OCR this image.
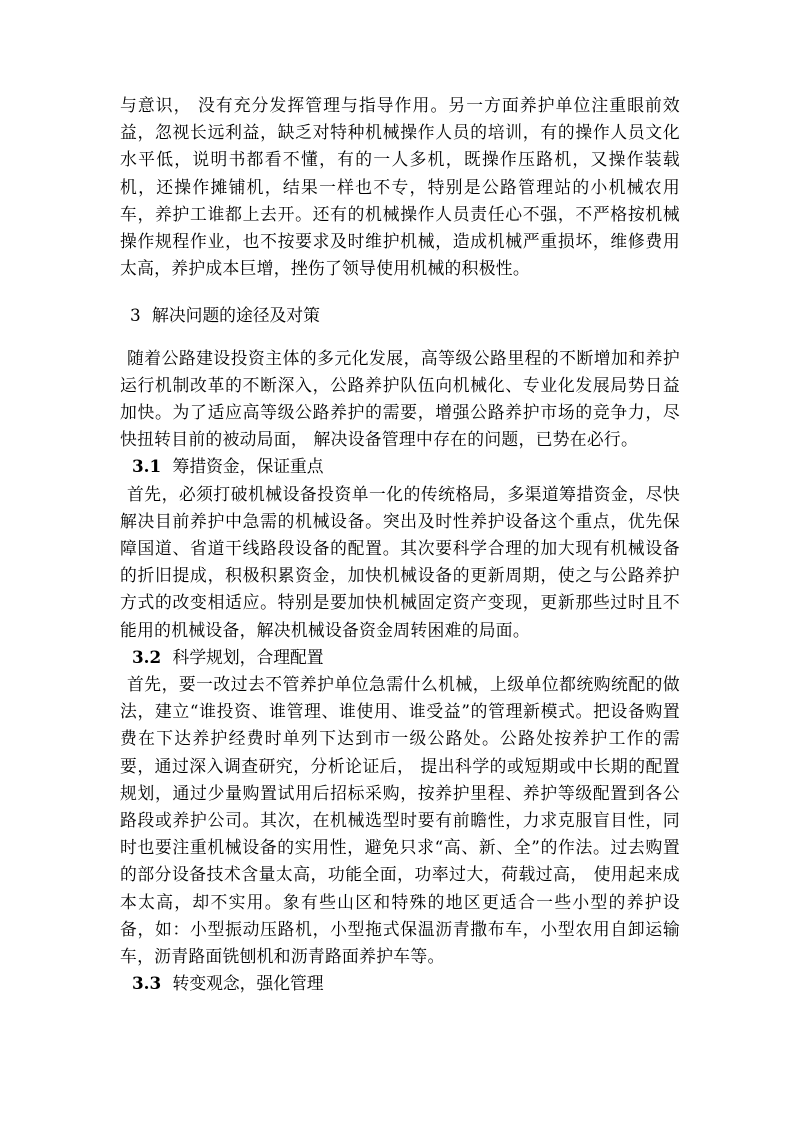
与意识， 没有充分发挥管理与指导作用。另一方面养护单位注重眼前效益，忽视长远利益，缺乏对特种机械操作人员的培训，有的操作人员文化水平低，说明书都看不懂，有的一人多机，既操作压路机，又操作装载机，还操作摊铺机，结果一样也不专，特别是公路管理站的小机械农用车，养护工谁都上去开。还有的机械操作人员责任心不强，不严格按机械操作规程作业，也不按要求及时维护机械，造成机械严重损坏，维修费用太高，养护成本巨增，挫伤了领导使用机械的积极性。

3 解决问题的途径及对策

随着公路建设投资主体的多元化发展，高等级公路里程的不断增加和养护运行机制改革的不断深入，公路养护队伍向机械化、专业化发展局势日益加快。为了适应高等级公路养护的需要，增强公路养护市场的竞争力，尽快扭转目前的被动局面， 解决设备管理中存在的问题，已势在必行。

3.1 筹措资金，保证重点

首先，必须打破机械设备投资单一化的传统格局，多渠道筹措资金，尽快解决目前养护中急需的机械设备。突出及时性养护设备这个重点，优先保障国道、省道干线路段设备的配置。其次要科学合理的加大现有机械设备的折旧提成，积极积累资金，加快机械设备的更新周期，使之与公路养护方式的改变相适应。特别是要加快机械固定资产变现，更新那些过时且不能用的机械设备，解决机械设备资金周转困难的局面。

3.2 科学规划，合理配置

首先，要一改过去不管养护单位急需什么机械，上级单位都统购统配的做法，建立“谁投资、谁管理、谁使用、谁受益”的管理新模式。把设备购置费在下达养护经费时单列下达到市一级公路处。公路处按养护工作的需要，通过深入调查研究，分析论证后， 提出科学的或短期或中长期的配置规划，通过少量购置试用后招标采购，按养护里程、养护等级配置到各公路段或养护公司。其次，在机械选型时要有前瞻性，力求克服盲目性，同时也要注重机械设备的实用性，避免只求“高、新、全”的作法。过去购置的部分设备技术含量太高，功能全面，功率过大，荷载过高， 使用起来成本太高，却不实用。象有些山区和特殊的地区更适合一些小型的养护设备，如：小型振动压路机，小型拖式保温沥青撒布车，小型农用自卸运输车，沥青路面铣刨机和沥青路面养护车等。

3.3 转变观念，强化管理
